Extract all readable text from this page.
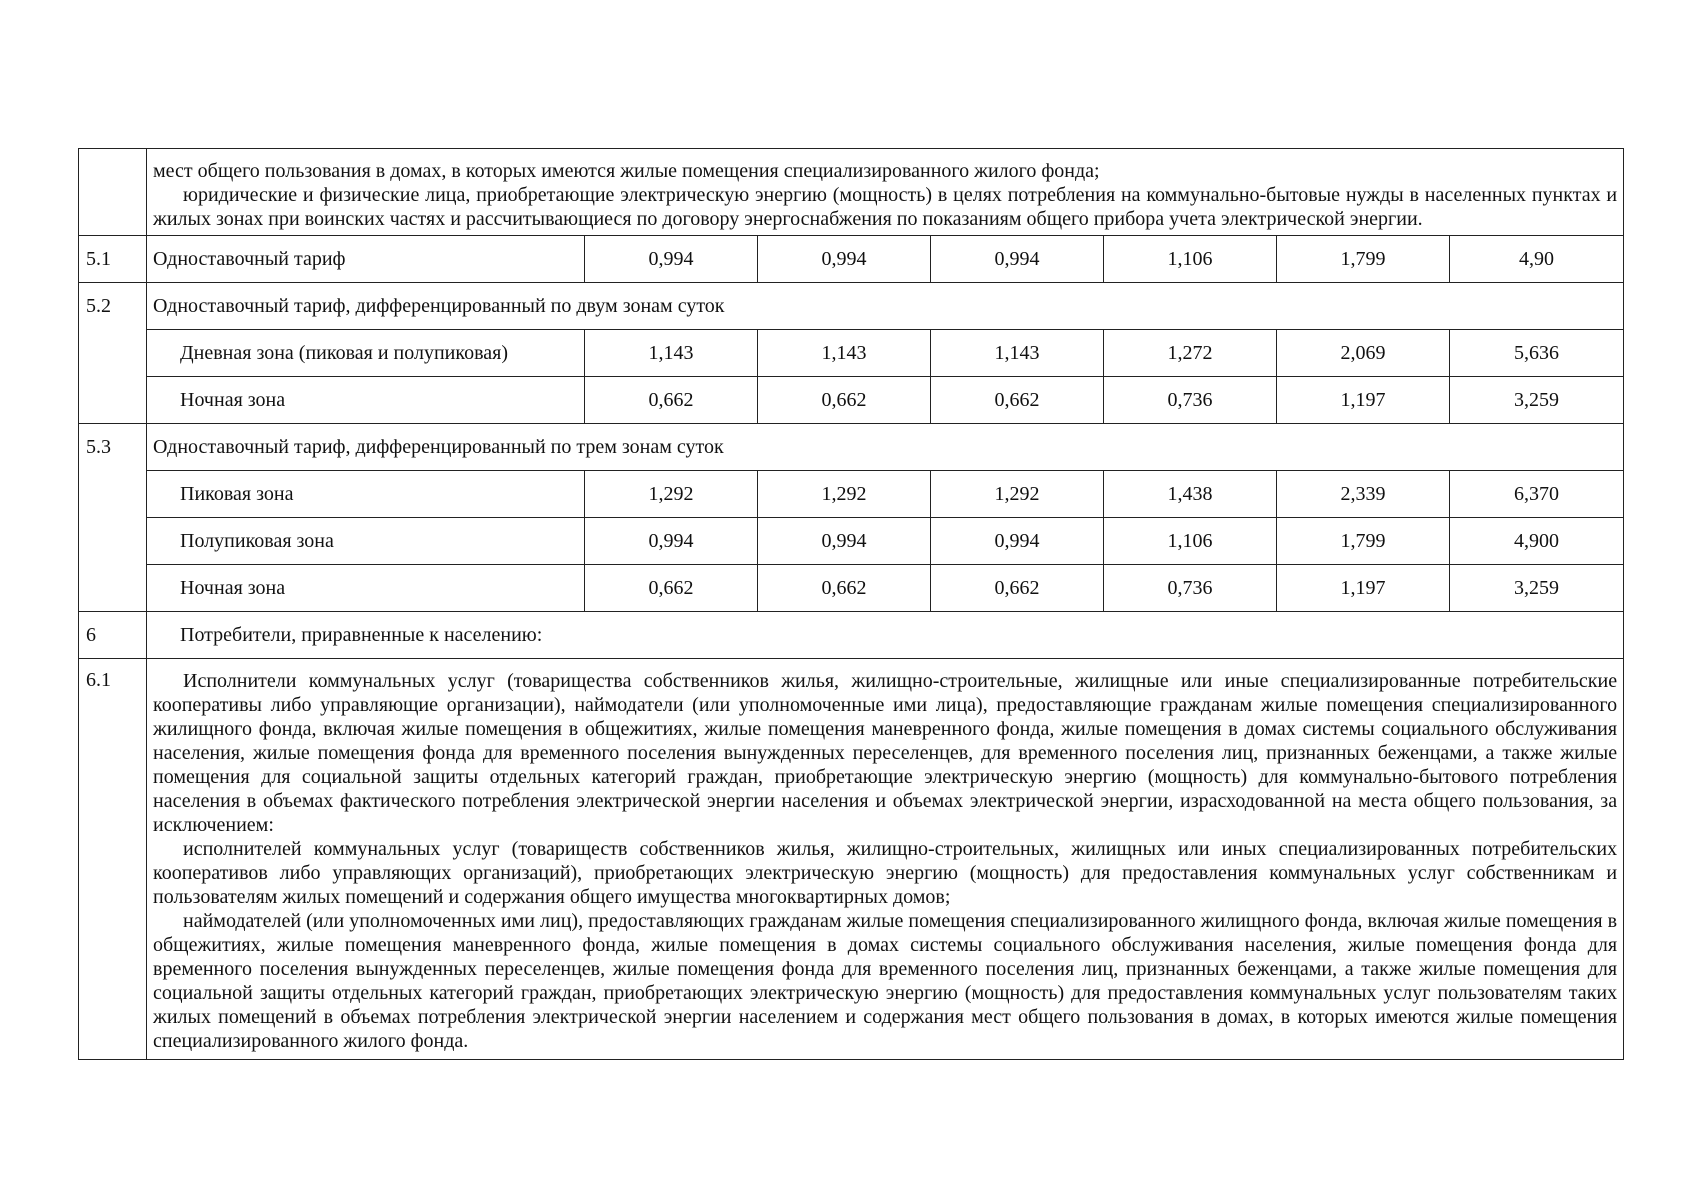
	мест общего пользования в домах, в которых имеются жилые помещения специализированного жилого фонда;

юридические и физические лица, приобретающие электрическую энергию (мощность) в целях потребления на коммунально-бытовые нужды в населенных пунктах и жилых зонах при воинских частях и рассчитывающиеся по договору энергоснабжения по показаниям общего прибора учета электрической энергии.						

5.1	Одноставочный тариф	0,994	0,994	0,994	1,106	1,799	4,90
5.2	Одноставочный тариф, дифференцированный по двум зонам суток						
	Дневная зона (пиковая и полупиковая)	1,143	1,143	1,143	1,272	2,069	5,636
	Ночная зона	0,662	0,662	0,662	0,736	1,197	3,259
5.3	Одноставочный тариф, дифференцированный по трем зонам суток						
	Пиковая зона	1,292	1,292	1,292	1,438	2,339	6,370
	Полупиковая зона	0,994	0,994	0,994	1,106	1,799	4,900
	Ночная зона	0,662	0,662	0,662	0,736	1,197	3,259
6	Потребители, приравненные к населению:						
6.1	Исполнители коммунальных услуг (товарищества собственников жилья, жилищно-строительные, жилищные или иные специализированные потребительские кооперативы либо управляющие организации), наймодатели (или уполномоченные ими лица), предоставляющие гражданам жилые помещения специализированного жилищного фонда, включая жилые помещения в общежитиях, жилые помещения маневренного фонда, жилые помещения в домах системы социального обслуживания населения, жилые помещения фонда для временного поселения вынужденных переселенцев, для временного поселения лиц, признанных беженцами, а также жилые помещения для социальной защиты отдельных категорий граждан, приобретающие электрическую энергию (мощность) для коммунально-бытового потребления населения в объемах фактического потребления электрической энергии населения и объемах электрической энергии, израсходованной на места общего пользования, за исключением:

исполнителей коммунальных услуг (товариществ собственников жилья, жилищно-строительных, жилищных или иных специализированных потребительских кооперативов либо управляющих организаций), приобретающих электрическую энергию (мощность) для предоставления коммунальных услуг собственникам и пользователям жилых помещений и содержания общего имущества многоквартирных домов;

наймодателей (или уполномоченных ими лиц), предоставляющих гражданам жилые помещения специализированного жилищного фонда, включая жилые помещения в общежитиях, жилые помещения маневренного фонда, жилые помещения в домах системы социального обслуживания населения, жилые помещения фонда для временного поселения вынужденных переселенцев, жилые помещения фонда для временного поселения лиц, признанных беженцами, а также жилые помещения для социальной защиты отдельных категорий граждан, приобретающих электрическую энергию (мощность) для предоставления коммунальных услуг пользователям таких жилых помещений в объемах потребления электрической энергии населением и содержания мест общего пользования в домах, в которых имеются жилые помещения специализированного жилого фонда.						
